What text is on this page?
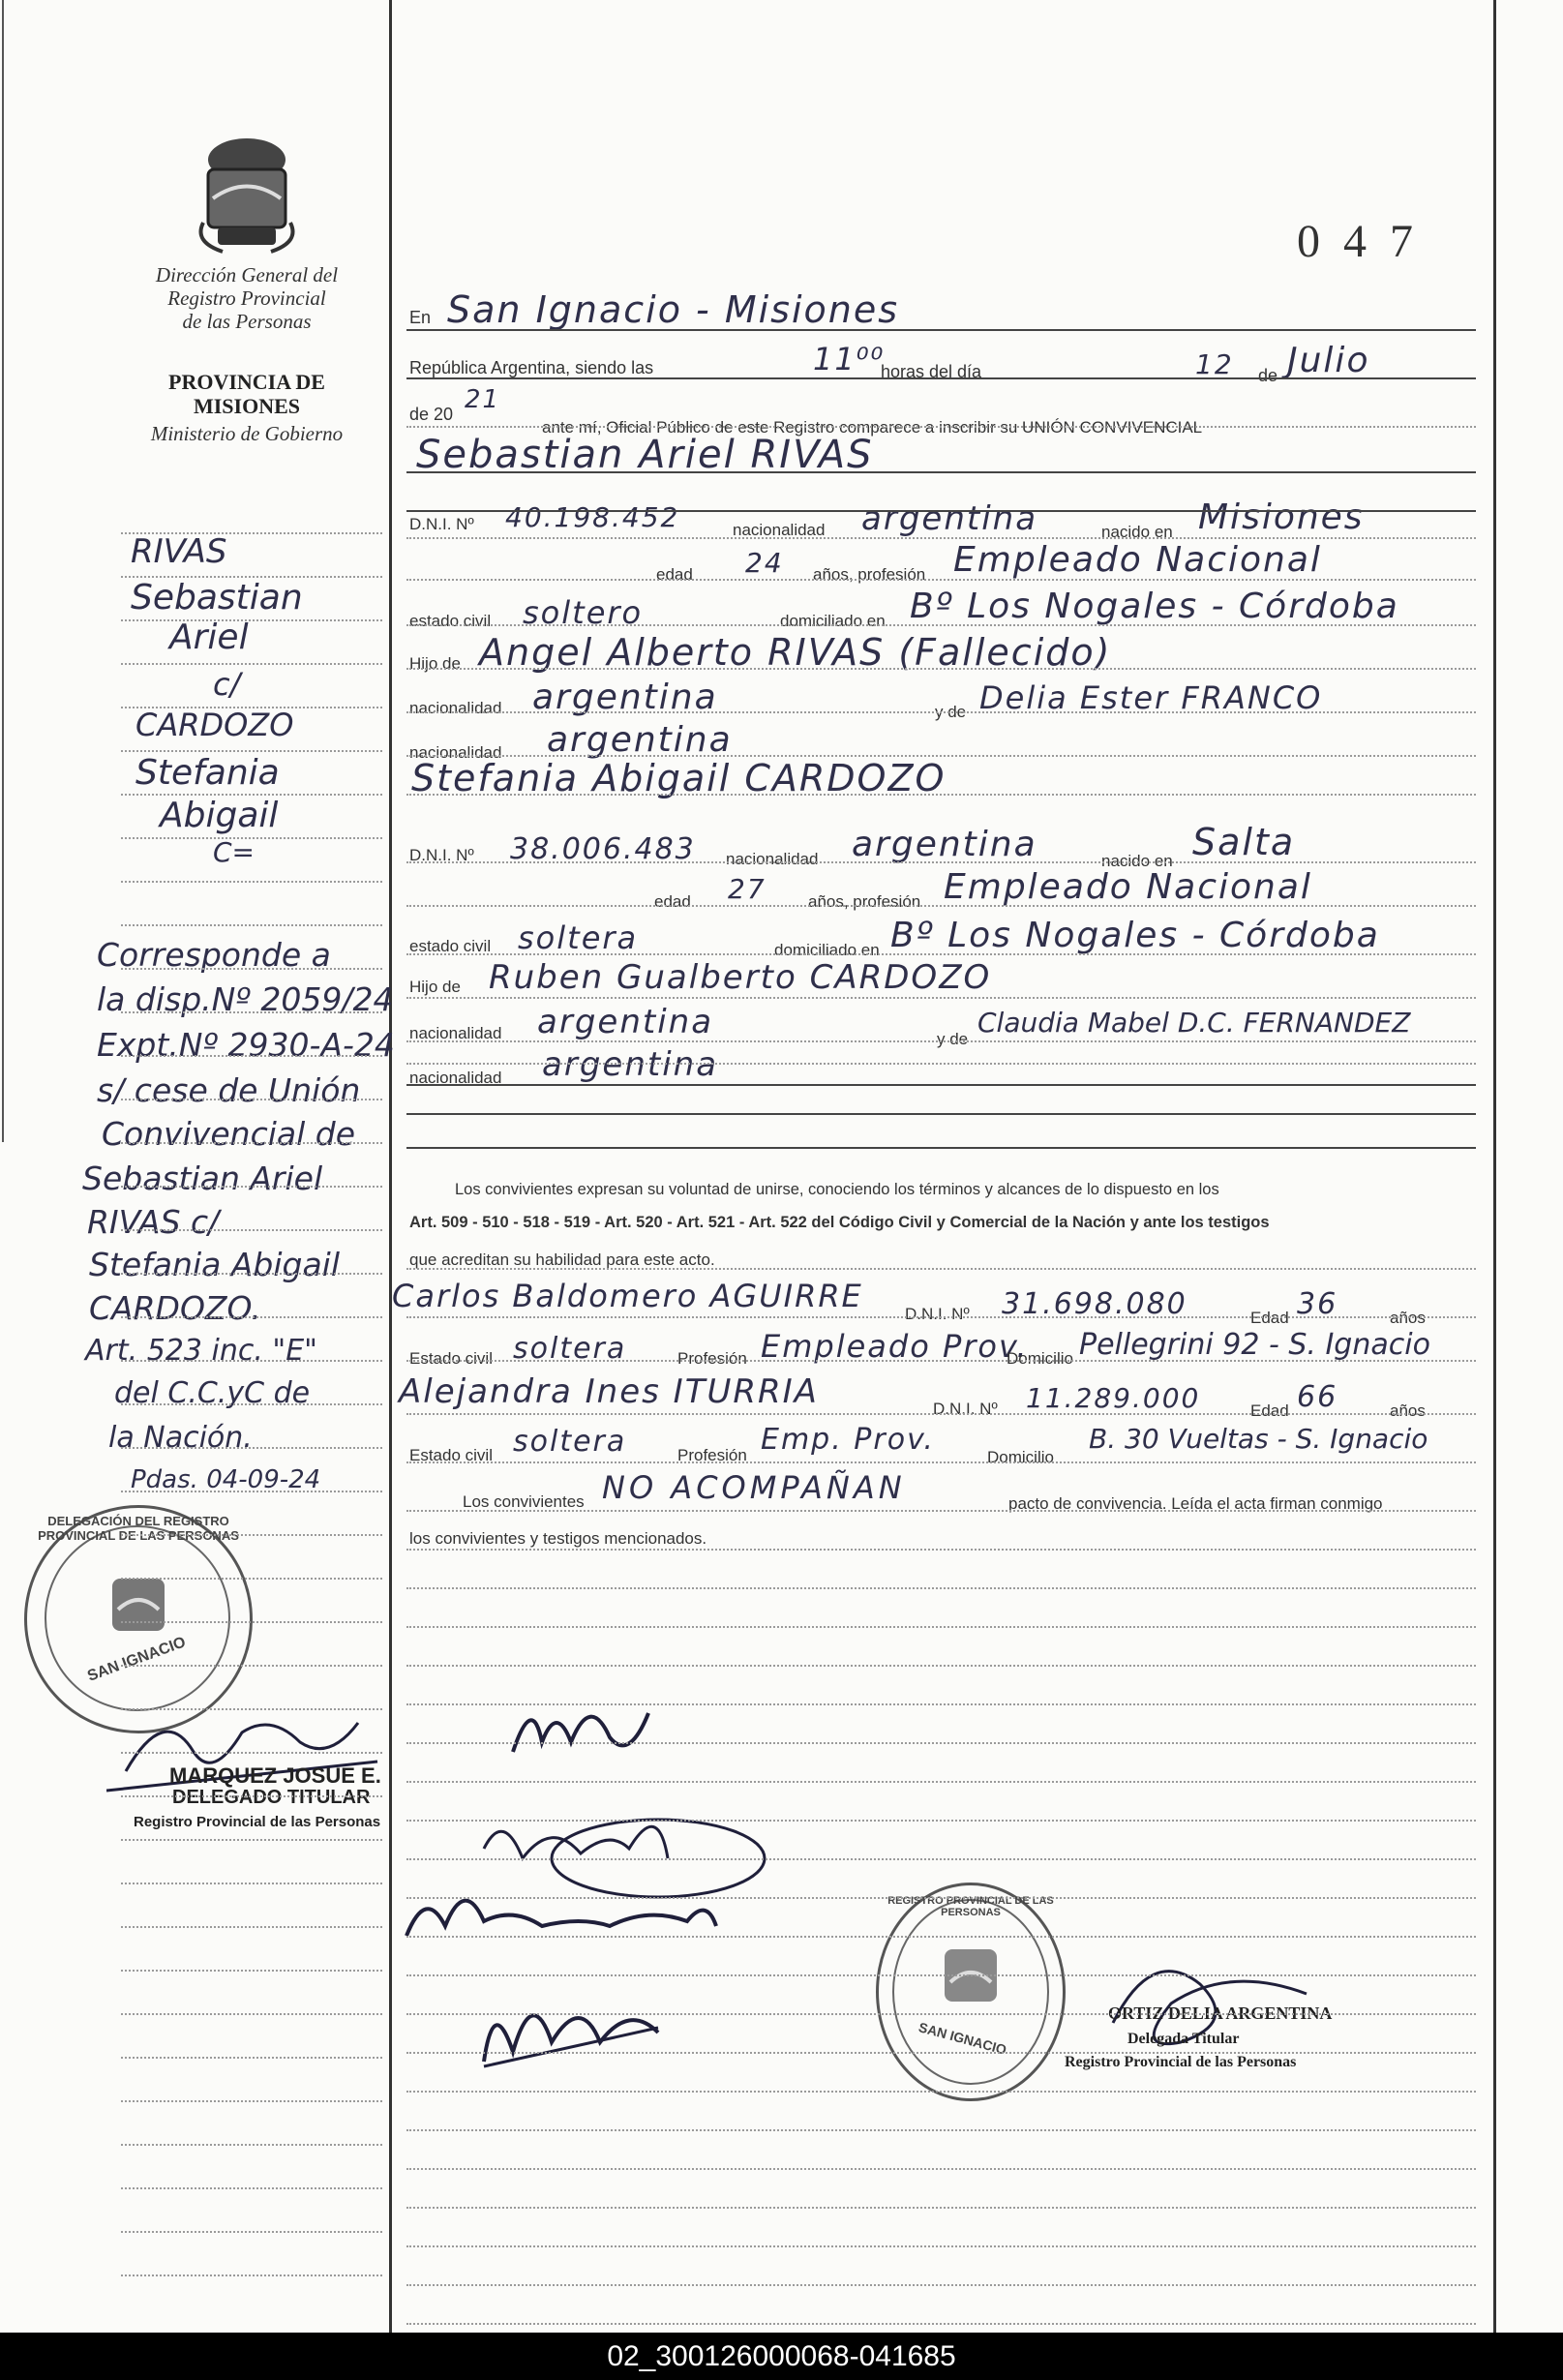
Dirección General del
Registro Provincial
de las Personas
PROVINCIA DE
MISIONES
Ministerio de Gobierno
0 4 7
En San Ignacio - Misiones
República Argentina, siendo las	11⁰⁰
horas del día	12 de Julio
de 20 21
ante mí, Oficial Público de este Registro comparece a inscribir su UNIÓN CONVIVENCIAL
Sebastian Ariel RIVAS
D.N.I. Nº 40.198.452	nacionalidad argentina	nacido en Misiones
edad 24 años, profesión Empleado Nacional
estado civil soltero	domiciliado en Bº Los Nogales - Córdoba
Hijo de Angel Alberto RIVAS (Fallecido)
nacionalidad argentina	y de Delia Ester FRANCO
nacionalidad argentina
Stefania Abigail CARDOZO
D.N.I. Nº 38.006.483 nacionalidad argentina	nacido en Salta
edad 27	años, profesión Empleado Nacional
estado civil soltera	domiciliado en Bº Los Nogales - Córdoba
Hijo de Ruben Gualberto CARDOZO
nacionalidad argentina	y de
Claudia Mabel D.C. FERNANDEZ
nacionalidad argentina
Los convivientes expresan su voluntad de unirse, conociendo los términos y alcances de lo dispuesto en los
Art. 509 - 510 - 518 - 519 - Art. 520 - Art. 521 - Art. 522 del Código Civil y Comercial de la Nación y ante los testigos
que acreditan su habilidad para este acto.
Carlos Baldomero AGUIRRE	D.N.I. Nº 31.698.080	Edad 36	años
Estado civil soltera	Profesión Empleado Prov.
Domicilio Pellegrini 92 - S. Ignacio
Alejandra Ines ITURRIA	D.N.I. Nº 11.289.000	Edad 66	años
Estado civil soltera	Profesión Emp. Prov.
Domicilio
B. 30 Vueltas - S. Ignacio
Los convivientes NO ACOMPAÑAN	pacto de convivencia. Leída el acta firman conmigo
los convivientes y testigos mencionados.
RIVAS
Sebastian
Ariel
c/
CARDOZO
Stefania
Abigail
C=
Corresponde a
la disp.Nº 2059/24
Expt.Nº 2930-A-24
s/ cese de Unión
Convivencial de
Sebastian Ariel
RIVAS c/
Stefania Abigail
CARDOZO.
Art. 523 inc. "E"
del C.C.yC de
la Nación.
Pdas. 04-09-24
DELEGACIÓN DEL REGISTRO PROVINCIAL DE LAS PERSONAS
SAN IGNACIO
MARQUEZ JOSUE E.
DELEGADO TITULAR
Registro Provincial de las Personas
REGISTRO PROVINCIAL DE LAS PERSONAS
SAN IGNACIO
ORTIZ DELIA ARGENTINA
Delegada Titular
Registro Provincial de las Personas
02_300126000068-041685
